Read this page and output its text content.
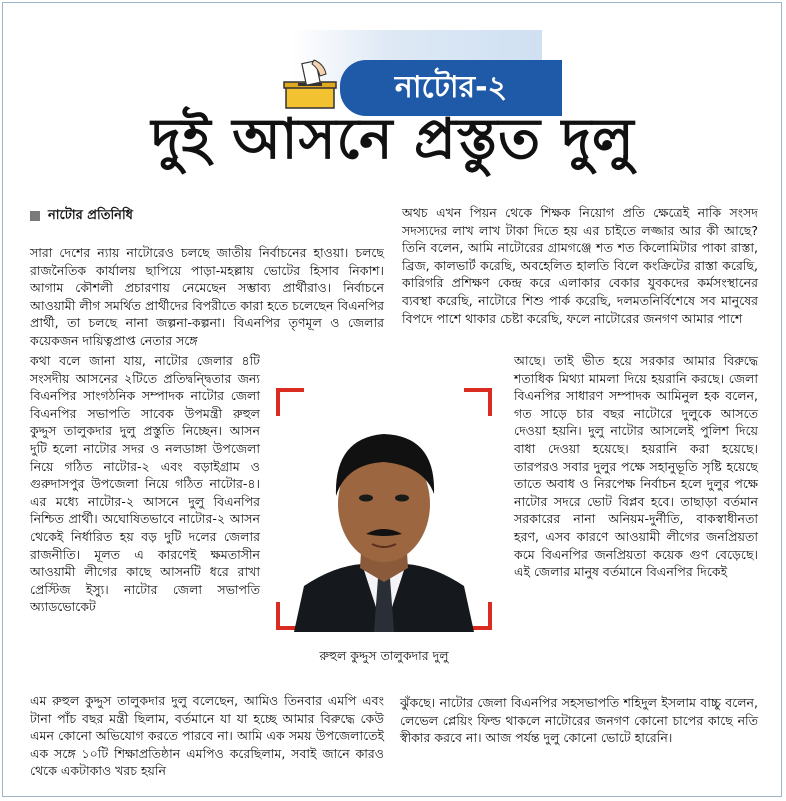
নাটোর-২
দুই আসনে প্রস্তুত দুলু
নাটোর প্রতিনিধি

সারা দেশের ন্যায় নাটোরেও চলছে জাতীয় নির্বাচনের হাওয়া। চলছে রাজনৈতিক কার্যালয় ছাপিয়ে পাড়া-মহল্লায় ভোটের হিসাব নিকাশ। আগাম কৌশলী প্রচারণায় নেমেছেন সম্ভাব্য প্রার্থীরাও। নির্বাচনে আওয়ামী লীগ সমর্থিত প্রার্থীদের বিপরীতে কারা হতে চলেছেন বিএনপির প্রার্থী, তা চলছে নানা জল্পনা-কল্পনা। বিএনপির তৃণমূল ও জেলার কয়েকজন দায়িত্বপ্রাপ্ত নেতার সঙ্গে

কথা বলে জানা যায়, নাটোর জেলার ৪টি সংসদীয় আসনের ২টিতে প্রতিদ্বন্দ্বিতার জন্য বিএনপির সাংগঠনিক সম্পাদক নাটোর জেলা বিএনপির সভাপতি সাবেক উপমন্ত্রী রুহুল কুদ্দুস তালুকদার দুলু প্রস্তুতি নিচ্ছেন। আসন দুটি হলো নাটোর সদর ও নলডাঙ্গা উপজেলা নিয়ে গঠিত নাটোর-২ এবং বড়াইগ্রাম ও গুরুদাসপুর উপজেলা নিয়ে গঠিত নাটোর-৪। এর মধ্যে নাটোর-২ আসনে দুলু বিএনপির নিশ্চিত প্রার্থী। অঘোষিতভাবে নাটোর-২ আসন থেকেই নির্ধারিত হয় বড় দুটি দলের জেলার রাজনীতি। মূলত এ কারণেই ক্ষমতাসীন আওয়ামী লীগের কাছে আসনটি ধরে রাখা প্রেস্টিজ ইস্যু। নাটোর জেলা সভাপতি অ্যাডভোকেট

এম রুহুল কুদ্দুস তালুকদার দুলু বলেছেন, আমিও তিনবার এমপি এবং টানা পাঁচ বছর মন্ত্রী ছিলাম, বর্তমানে যা যা হচ্ছে আমার বিরুদ্ধে কেউ এমন কোনো অভিযোগ করতে পারবে না। আমি এক সময় উপজেলাতেই এক সঙ্গে ১০টি শিক্ষাপ্রতিষ্ঠান এমপিও করেছিলাম, সবাই জানে কারও থেকে একটাকাও খরচ হয়নি

রুহুল কুদ্দুস তালুকদার দুলু

অথচ এখন পিয়ন থেকে শিক্ষক নিয়োগ প্রতি ক্ষেত্রেই নাকি সংসদ সদস্যদের লাখ লাখ টাকা দিতে হয় এর চাইতে লজ্জার আর কী আছে? তিনি বলেন, আমি নাটোরের গ্রামগঞ্জে শত শত কিলোমিটার পাকা রাস্তা, ব্রিজ, কালভার্ট করেছি, অবহেলিত হালতি বিলে কংক্রিটের রাস্তা করেছি, কারিগরি প্রশিক্ষণ কেন্দ্র করে এলাকার বেকার যুবকদের কর্মসংস্থানের ব্যবস্থা করেছি, নাটোরে শিশু পার্ক করেছি, দলমতনির্বিশেষে সব মানুষের বিপদে পাশে থাকার চেষ্টা করেছি, ফলে নাটোরের জনগণ আমার পাশে

আছে। তাই ভীত হয়ে সরকার আমার বিরুদ্ধে শতাধিক মিথ্যা মামলা দিয়ে হয়রানি করছে। জেলা বিএনপির সাধারণ সম্পাদক আমিনুল হক বলেন, গত সাড়ে চার বছর নাটোরে দুলুকে আসতে দেওয়া হয়নি। দুলু নাটোর আসলেই পুলিশ দিয়ে বাধা দেওয়া হয়েছে। হয়রানি করা হয়েছে। তারপরও সবার দুলুর পক্ষে সহানুভূতি সৃষ্টি হয়েছে তাতে অবাধ ও নিরপেক্ষ নির্বাচন হলে দুলুর পক্ষে নাটোর সদরে ভোট বিপ্লব হবে। তাছাড়া বর্তমান সরকারের নানা অনিয়ম-দুর্নীতি, বাকস্বাধীনতা হরণ, এসব কারণে আওয়ামী লীগের জনপ্রিয়তা কমে বিএনপির জনপ্রিয়তা কয়েক গুণ বেড়েছে। এই জেলার মানুষ বর্তমানে বিএনপির দিকেই

ঝুঁকছে। নাটোর জেলা বিএনপির সহসভাপতি শহিদুল ইসলাম বাচ্চু বলেন, লেভেল প্লেয়িং ফিল্ড থাকলে নাটোরের জনগণ কোনো চাপের কাছে নতি স্বীকার করবে না। আজ পর্যন্ত দুলু কোনো ভোটে হারেনি।
